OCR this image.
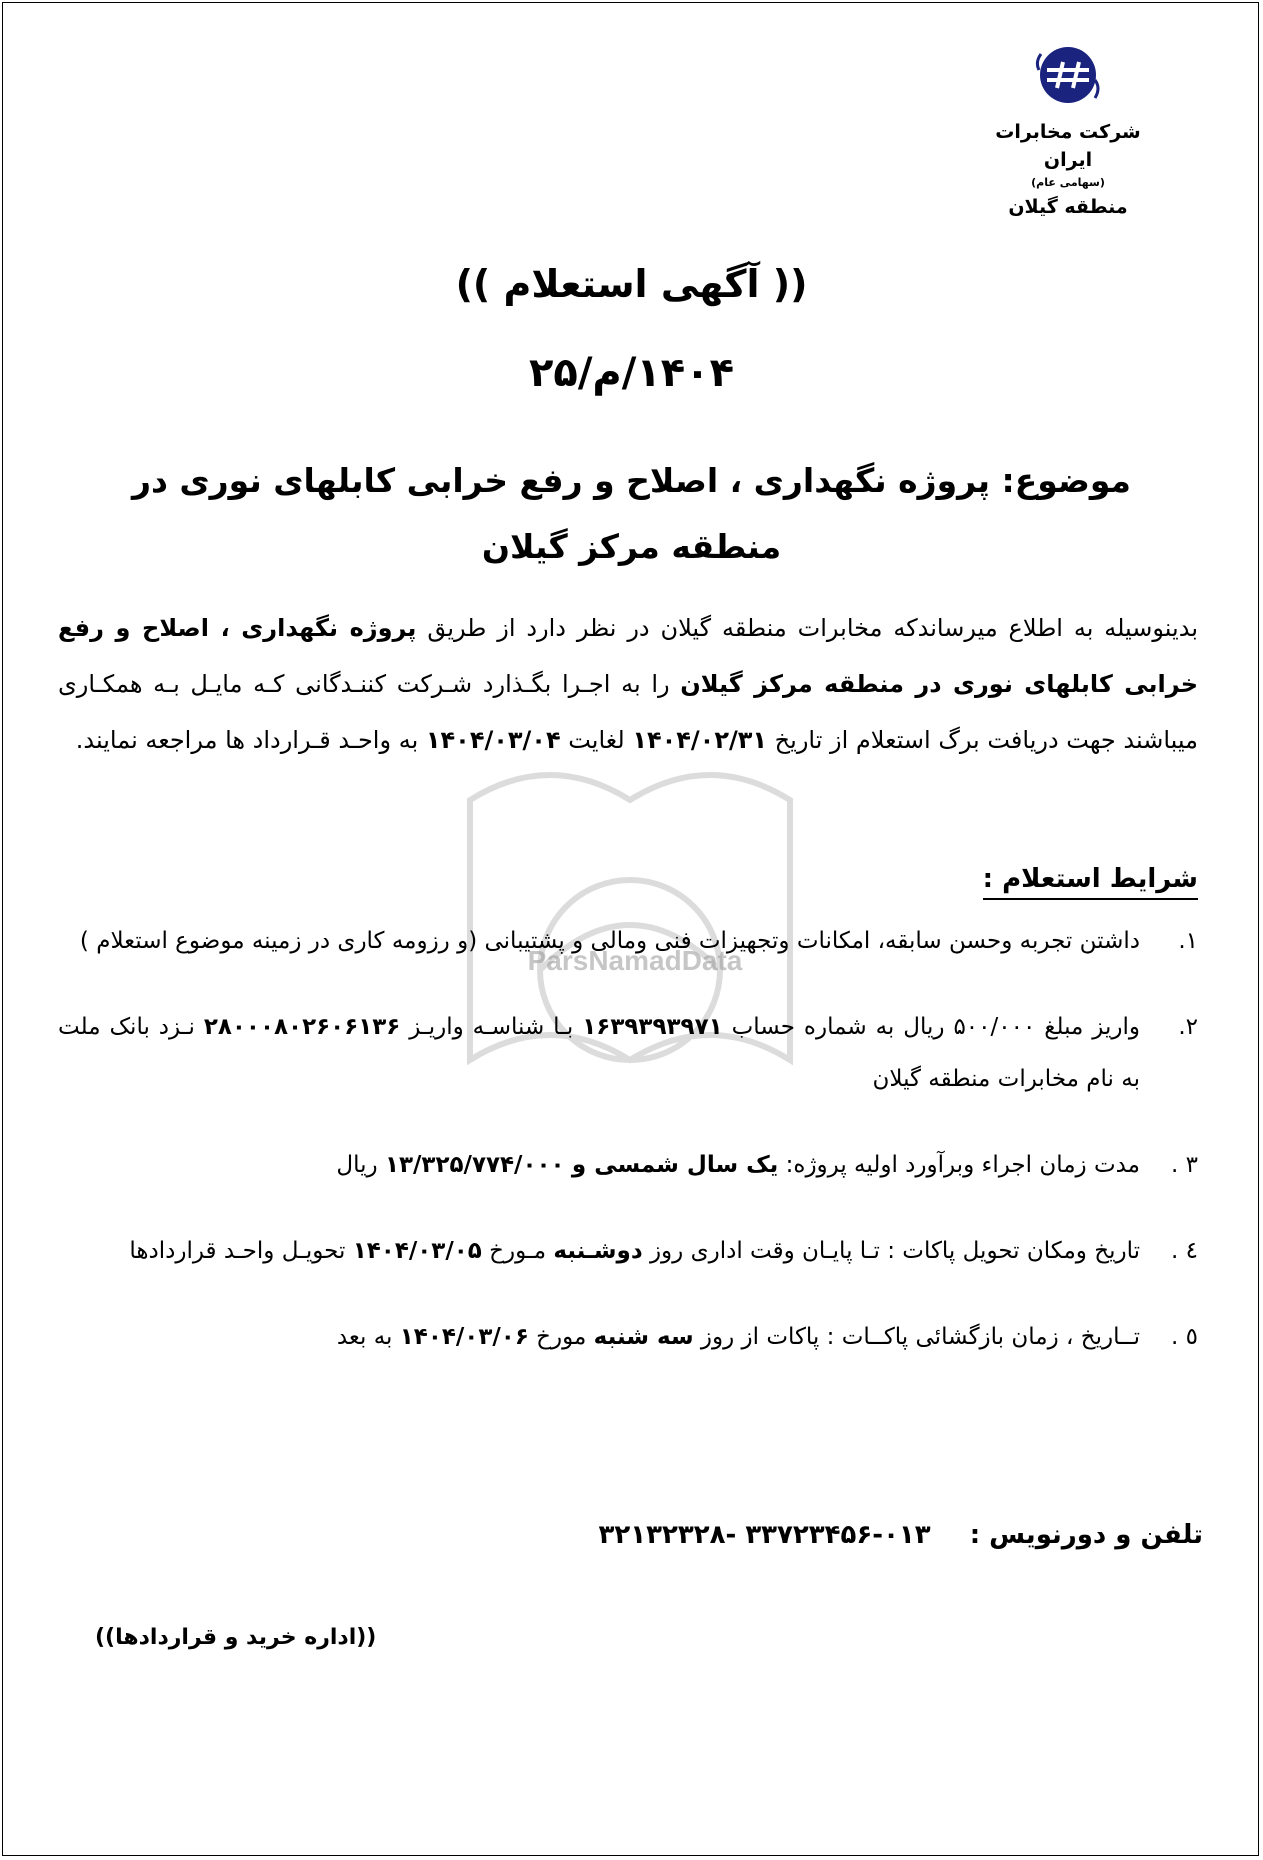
ParsNamadData
شرکت مخابرات ایران
(سهامی عام)
منطقه گیلان
(( آگهی استعلام ))
۱۴۰۴/م/۲۵
موضوع: پروژه نگهداری ، اصلاح و رفع خرابی کابلهای نوری در منطقه مرکز گیلان
بدینوسیله به اطلاع میرساندکه مخابرات منطقه گیلان در نظر دارد از طریق پروژه نگهداری ، اصلاح و رفع خرابی کابلهای نوری در منطقه مرکز گیلان را به اجـرا بگـذارد شـرکت کننـدگانی کـه مایـل بـه همکـاری میباشند جهت دریافت برگ استعلام از تاریخ ۱۴۰۴/۰۲/۳۱ لغایت ۱۴۰۴/۰۳/۰۴ به واحـد قـرارداد ها مراجعه نمایند.
شرایط استعلام :
۱.
داشتن تجربه وحسن سابقه، امکانات وتجهیزات فنی ومالی و پشتیبانی (و رزومه کاری در زمینه موضوع استعلام )
۲.
واریز مبلغ ۵۰۰/۰۰۰ ریال به شماره حساب ۱۶۳۹۳۹۳۹۷۱ بـا شناسـه واریـز ۲۸۰۰۰۸۰۲۶۰۶۱۳۶ نـزد بانک ملت به نام مخابرات منطقه گیلان
۳ .
مدت زمان اجراء وبرآورد اولیه پروژه: یک سال شمسی و ۱۳/۳۲۵/۷۷۴/۰۰۰ ریال
٤ .
تاریخ ومکان تحویل پاکات : تـا پایـان وقت اداری روز دوشـنبه مـورخ ۱۴۰۴/۰۳/۰۵ تحویـل واحـد قراردادها
٥ .
تــاریخ ، زمان بازگشائی پاکــات : پاکات از روز سه شنبه مورخ ۱۴۰۴/۰۳/۰۶ به بعد
تلفن و دورنویس : ۰۱۳-۳۳۷۲۳۴۵۶ -۳۲۱۳۲۳۲۸
((اداره خرید و قراردادها))
